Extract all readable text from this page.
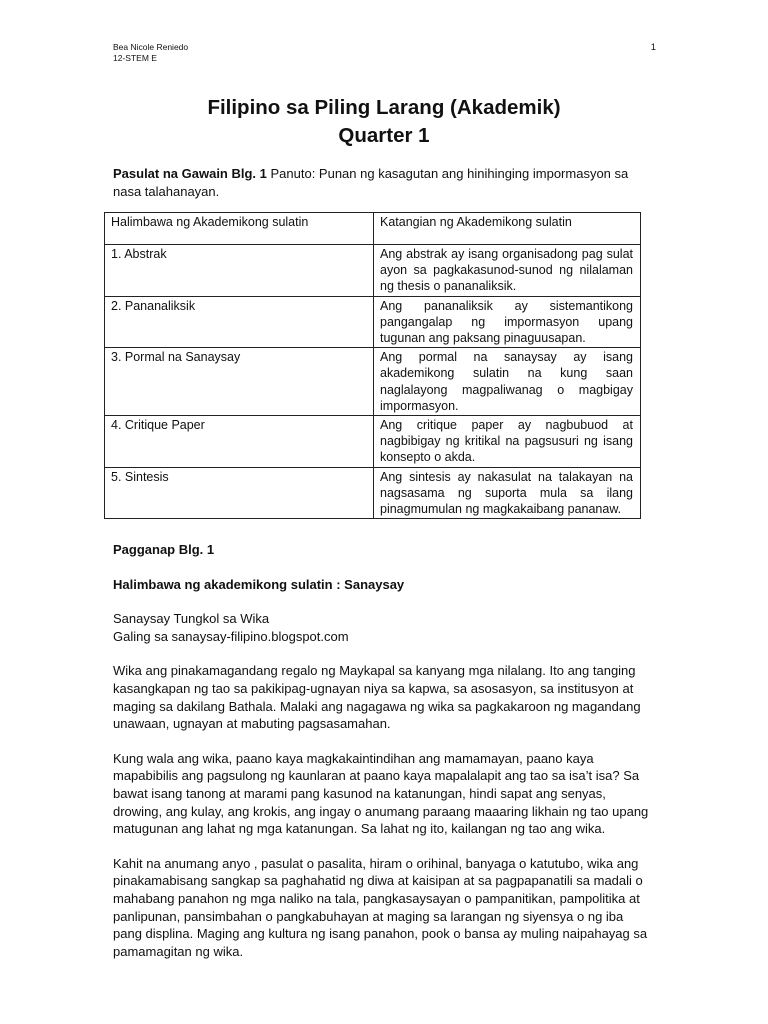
Bea Nicole Reniedo
12-STEM E
1
Filipino sa Piling Larang (Akademik)
Quarter 1
Pasulat na Gawain Blg. 1 Panuto: Punan ng kasagutan ang hinihinging impormasyon sa nasa talahanayan.
Halimbawa ng Akademikong sulatin	Katangian ng Akademikong sulatin
1. Abstrak	Ang abstrak ay isang organisadong pag sulat ayon sa pagkakasunod-sunod ng nilalaman ng thesis o pananaliksik.
2. Pananaliksik	Ang pananaliksik ay sistemantikong pangangalap ng impormasyon upang tugunan ang paksang pinaguusapan.
3. Pormal na Sanaysay	Ang pormal na sanaysay ay isang akademikong sulatin na kung saan naglalayong magpaliwanag o magbigay impormasyon.
4. Critique Paper	Ang critique paper ay nagbubuod at nagbibigay ng kritikal na pagsusuri ng isang konsepto o akda.
5. Sintesis	Ang sintesis ay nakasulat na talakayan na nagsasama ng suporta mula sa ilang pinagmumulan ng magkakaibang pananaw.

Pagganap Blg. 1

Halimbawa ng akademikong sulatin : Sanaysay

Sanaysay Tungkol sa Wika
Galing sa sanaysay-filipino.blogspot.com

Wika ang pinakamagandang regalo ng Maykapal sa kanyang mga nilalang. Ito ang tanging kasangkapan ng tao sa pakikipag-ugnayan niya sa kapwa, sa asosasyon, sa institusyon at maging sa dakilang Bathala. Malaki ang nagagawa ng wika sa pagkakaroon ng magandang unawaan, ugnayan at mabuting pagsasamahan.

Kung wala ang wika, paano kaya magkakaintindihan ang mamamayan, paano kaya mapabibilis ang pagsulong ng kaunlaran at paano kaya mapalalapit ang tao sa isa’t isa? Sa bawat isang tanong at marami pang kasunod na katanungan, hindi sapat ang senyas, drowing, ang kulay, ang krokis, ang ingay o anumang paraang maaaring likhain ng tao upang matugunan ang lahat ng mga katanungan. Sa lahat ng ito, kailangan ng tao ang wika.

Kahit na anumang anyo , pasulat o pasalita, hiram o orihinal, banyaga o katutubo, wika ang pinakamabisang sangkap sa paghahatid ng diwa at kaisipan at sa pagpapanatili sa madali o mahabang panahon ng mga naliko na tala, pangkasaysayan o pampanitikan, pampolitika at panlipunan, pansimbahan o pangkabuhayan at maging sa larangan ng siyensya o ng iba pang displina. Maging ang kultura ng isang panahon, pook o bansa ay muling naipahayag sa pamamagitan ng wika.
